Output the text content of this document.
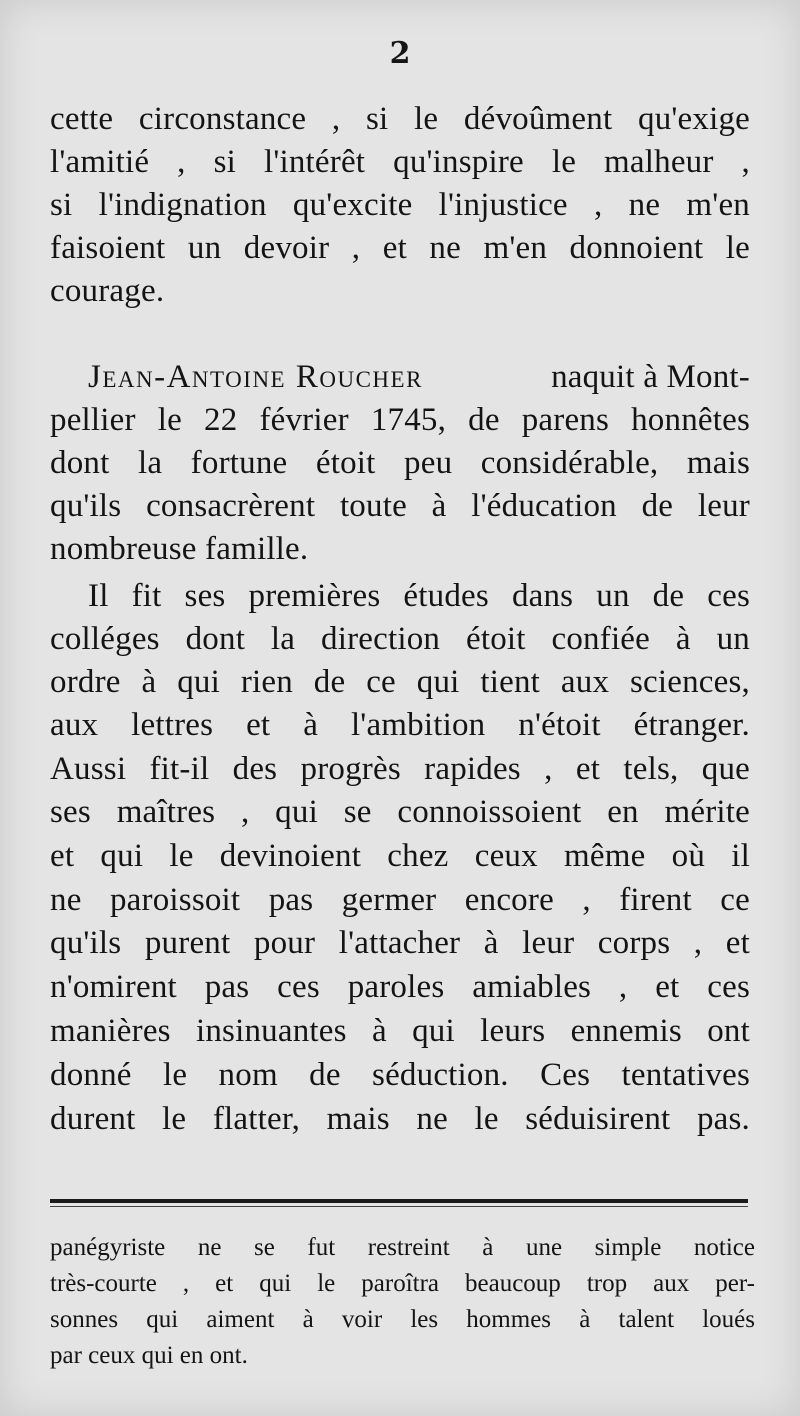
2
cette circonstance , si le dévoûment qu'exige
l'amitié , si l'intérêt qu'inspire le malheur ,
si l'indignation qu'excite l'injustice , ne m'en
faisoient un devoir , et ne m'en donnoient le
courage.
Jean-Antoine Roucher	naquit à Mont-
pellier le 22 février 1745, de parens honnêtes
dont la fortune étoit peu considérable, mais
qu'ils consacrèrent toute à l'éducation de leur
nombreuse famille.
Il fit ses premières études dans un de ces
colléges dont la direction étoit confiée à un
ordre à qui rien de ce qui tient aux sciences,
aux lettres et à l'ambition n'étoit étranger.
Aussi fit-il des progrès rapides , et tels, que
ses maîtres , qui se connoissoient en mérite
et qui le devinoient chez ceux même où il
ne paroissoit pas germer encore , firent ce
qu'ils purent pour l'attacher à leur corps , et
n'omirent pas ces paroles amiables , et ces
manières insinuantes à qui leurs ennemis ont
donné le nom de séduction. Ces tentatives
durent le flatter, mais ne le séduisirent pas.
panégyriste ne se fut restreint à une simple notice
très-courte , et qui le paroîtra beaucoup trop aux per-
sonnes qui aiment à voir les hommes à talent loués
par ceux qui en ont.
